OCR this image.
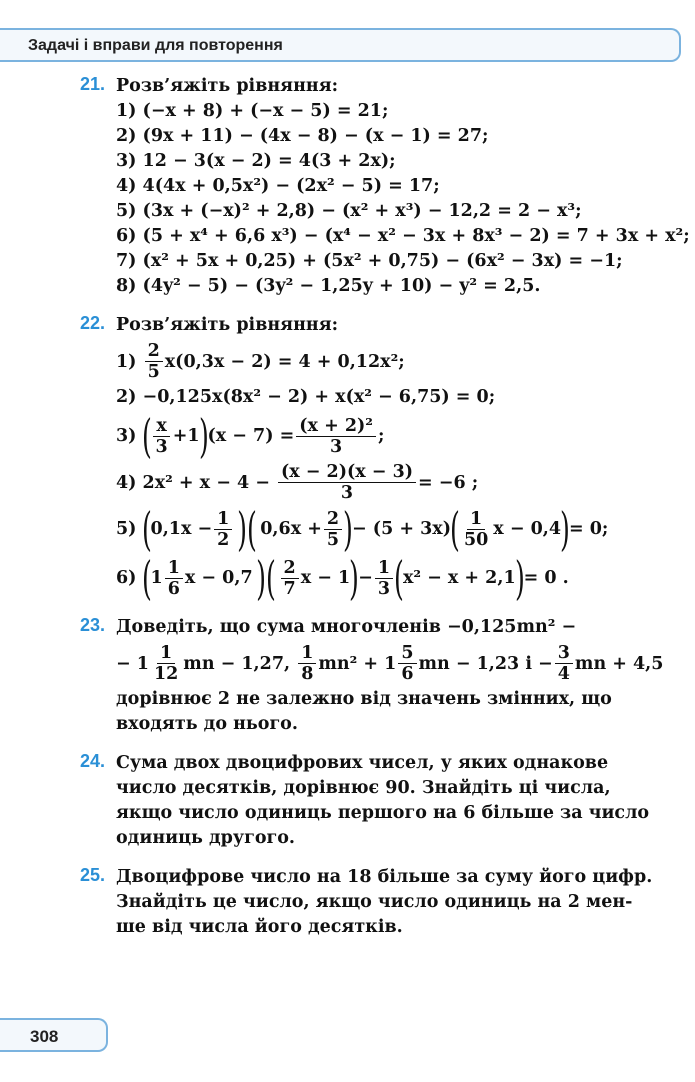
Задачі і вправи для повторення
21. Розв’яжіть рівняння:
1) (−x + 8) + (−x − 5) = 21;
2) (9x + 11) − (4x − 8) − (x − 1) = 27;
3) 12 − 3(x − 2) = 4(3 + 2x);
4) 4(4x + 0,5x²) − (2x² − 5) = 17;
5) (3x + (−x)² + 2,8) − (x² + x³) − 12,2 = 2 − x³;
6) (5 + x⁴ + 6,6 x³) − (x⁴ − x² − 3x + 8x³ − 2) = 7 + 3x + x²;
7) (x² + 5x + 0,25) + (5x² + 0,75) − (6x² − 3x) = −1;
8) (4y² − 5) − (3y² − 1,25y + 10) − y² = 2,5.
22. Розв’яжіть рівняння:
1)

2
5
x(0,3x − 2) = 4 + 0,12x²;
2) −0,125x(8x² − 2) + x(x² − 6,75) = 0;
3)
( x
3
+1 ) $(x - 7) = \frac{\text{(x + 2)²}}{3}$ ;
4) 2x² + x − 4 −
$\frac{(x - 2)(x - 3)}{3} = -6$ ;
5)
( $0,1x - \frac{1}{2}$ )( $0,6x + \frac{2}{5}$ ) − (5 + 3x) ( 1
50
x − 0,4 ) = 0;
6)
( 1
1
6
x − 0,7 )( 2
7
x − 1 ) − $\frac{1}{3}$ ( x² − x + 2,1 ) = 0 .
23. Доведіть, що сума многочленів −0,125mn² −
− 1
1
12
mn − 1,27,

1
8
mn² + 1
5
6
mn − 1,23 $і - \frac{3}{4}$ mn + 4,5
дорівнює 2 не залежно від значень змінних, що
входять до нього.
24. Сума двох двоцифрових чисел, у яких однакове
число десятків, дорівнює 90. Знайдіть ці числа,
якщо число одиниць першого на 6 більше за число
одиниць другого.
25. Двоцифрове число на 18 більше за суму його цифр.
Знайдіть це число, якщо число одиниць на 2 мен-
ше від числа його десятків.
308
